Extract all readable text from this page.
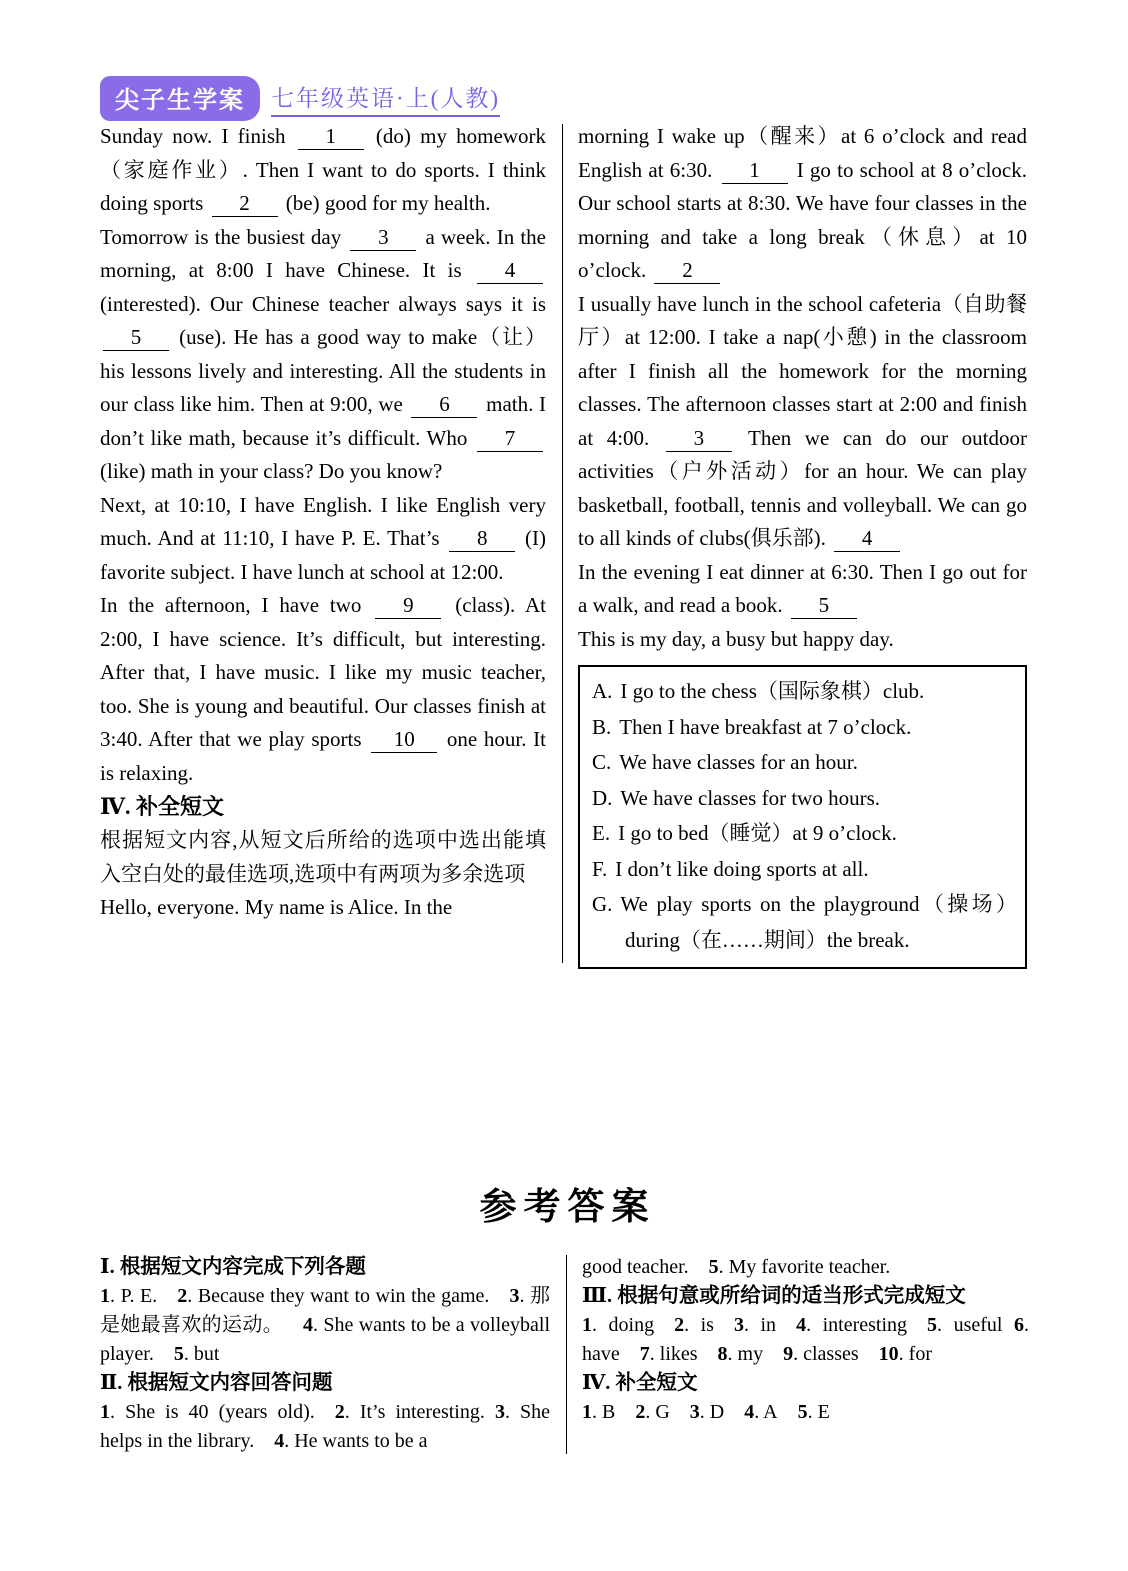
尖子生学案	七年级英语·上(人教)

Sunday now. I finish 1 (do) my homework（家庭作业）. Then I want to do sports. I think doing sports 2 (be) good for my health.

Tomorrow is the busiest day 3 a week. In the morning, at 8:00 I have Chinese. It is 4 (interested). Our Chinese teacher always says it is 5 (use). He has a good way to make（让）his lessons lively and interesting. All the students in our class like him. Then at 9:00, we 6 math. I don’t like math, because it’s difficult. Who 7 (like) math in your class? Do you know?

Next, at 10:10, I have English. I like English very much. And at 11:10, I have P. E. That’s 8 (I) favorite subject. I have lunch at school at 12:00.

In the afternoon, I have two 9 (class). At 2:00, I have science. It’s difficult, but interesting. After that, I have music. I like my music teacher, too. She is young and beautiful. Our classes finish at 3:40. After that we play sports 10 one hour. It is relaxing.

Ⅳ. 补全短文

根据短文内容,从短文后所给的选项中选出能填入空白处的最佳选项,选项中有两项为多余选项

Hello, everyone. My name is Alice. In the

morning I wake up（醒来）at 6 o’clock and read English at 6:30. 1 I go to school at 8 o’clock. Our school starts at 8:30. We have four classes in the morning and take a long break（休息）at 10 o’clock. 2

I usually have lunch in the school cafeteria（自助餐厅）at 12:00. I take a nap(小憩) in the classroom after I finish all the homework for the morning classes. The afternoon classes start at 2:00 and finish at 4:00. 3 Then we can do our outdoor activities（户外活动）for an hour. We can play basketball, football, tennis and volleyball. We can go to all kinds of clubs(俱乐部). 4

In the evening I eat dinner at 6:30. Then I go out for a walk, and read a book. 5

This is my day, a busy but happy day.

A. I go to the chess（国际象棋）club.

B. Then I have breakfast at 7 o’clock.

C. We have classes for an hour.

D. We have classes for two hours.

E. I go to bed（睡觉）at 9 o’clock.

F. I don’t like doing sports at all.

G. We play sports on the playground（操场）during（在……期间）the break.

参考答案

Ⅰ. 根据短文内容完成下列各题

1. P. E. 2. Because they want to win the game. 3. 那是她最喜欢的运动。 4. She wants to be a volleyball player. 5. but

Ⅱ. 根据短文内容回答问题

1. She is 40 (years old). 2. It’s interesting. 3. She helps in the library. 4. He wants to be a

good teacher. 5. My favorite teacher.

Ⅲ. 根据句意或所给词的适当形式完成短文

1. doing 2. is 3. in 4. interesting 5. useful 6. have 7. likes 8. my 9. classes 10. for

Ⅳ. 补全短文

1. B 2. G 3. D 4. A 5. E
